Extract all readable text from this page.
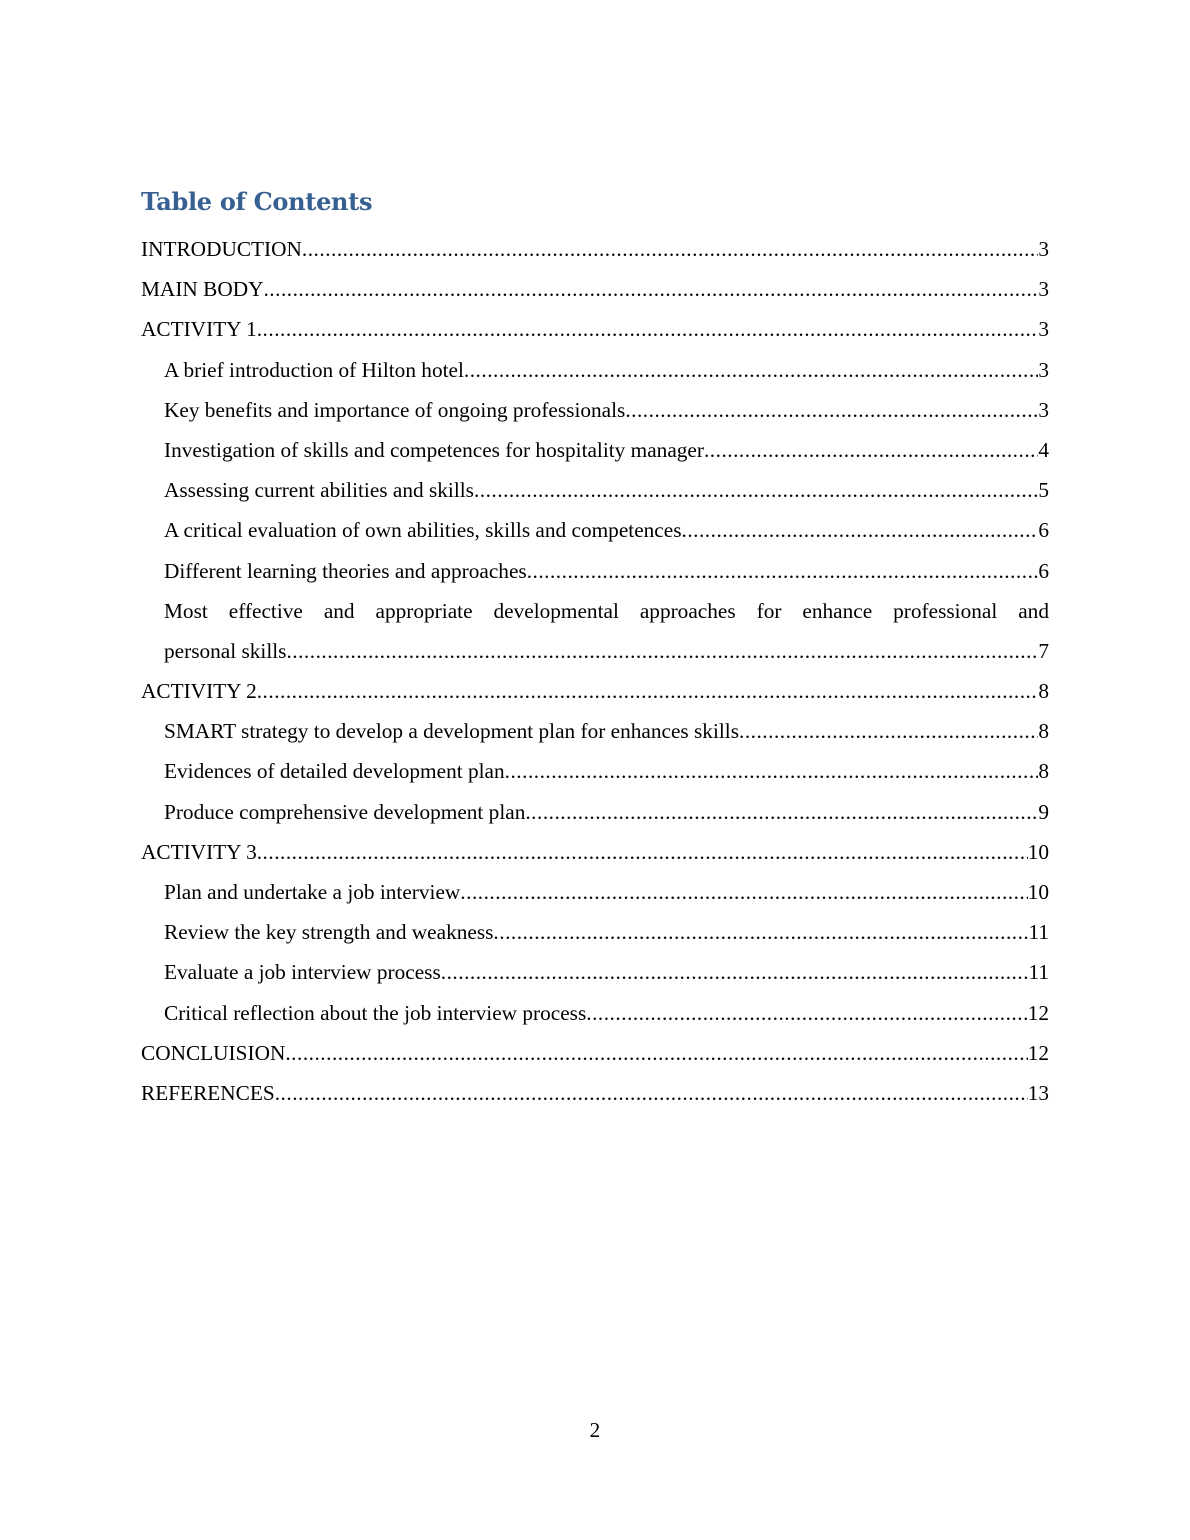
Table of Contents
INTRODUCTION .....	3
MAIN BODY .....	3
ACTIVITY 1 .....	3
A brief introduction of Hilton hotel .....	3
Key benefits and importance of ongoing professionals .....	3
Investigation of skills and competences for hospitality manager .....	4
Assessing current abilities and skills .....	5
A critical evaluation of own abilities, skills and competences .....	6
Different learning theories and approaches .....	6
Most effective and appropriate developmental approaches for enhance professional and
personal skills .....	7
ACTIVITY 2 .....	8
SMART strategy to develop a development plan for enhances skills .....	8
Evidences of detailed development plan .....	8
Produce comprehensive development plan .....	9
ACTIVITY 3 .....	10
Plan and undertake a job interview .....	10
Review the key strength and weakness .....	11
Evaluate a job interview process .....	11
Critical reflection about the job interview process .....	12
CONCLUISION .....	12
REFERENCES .....	13
2
